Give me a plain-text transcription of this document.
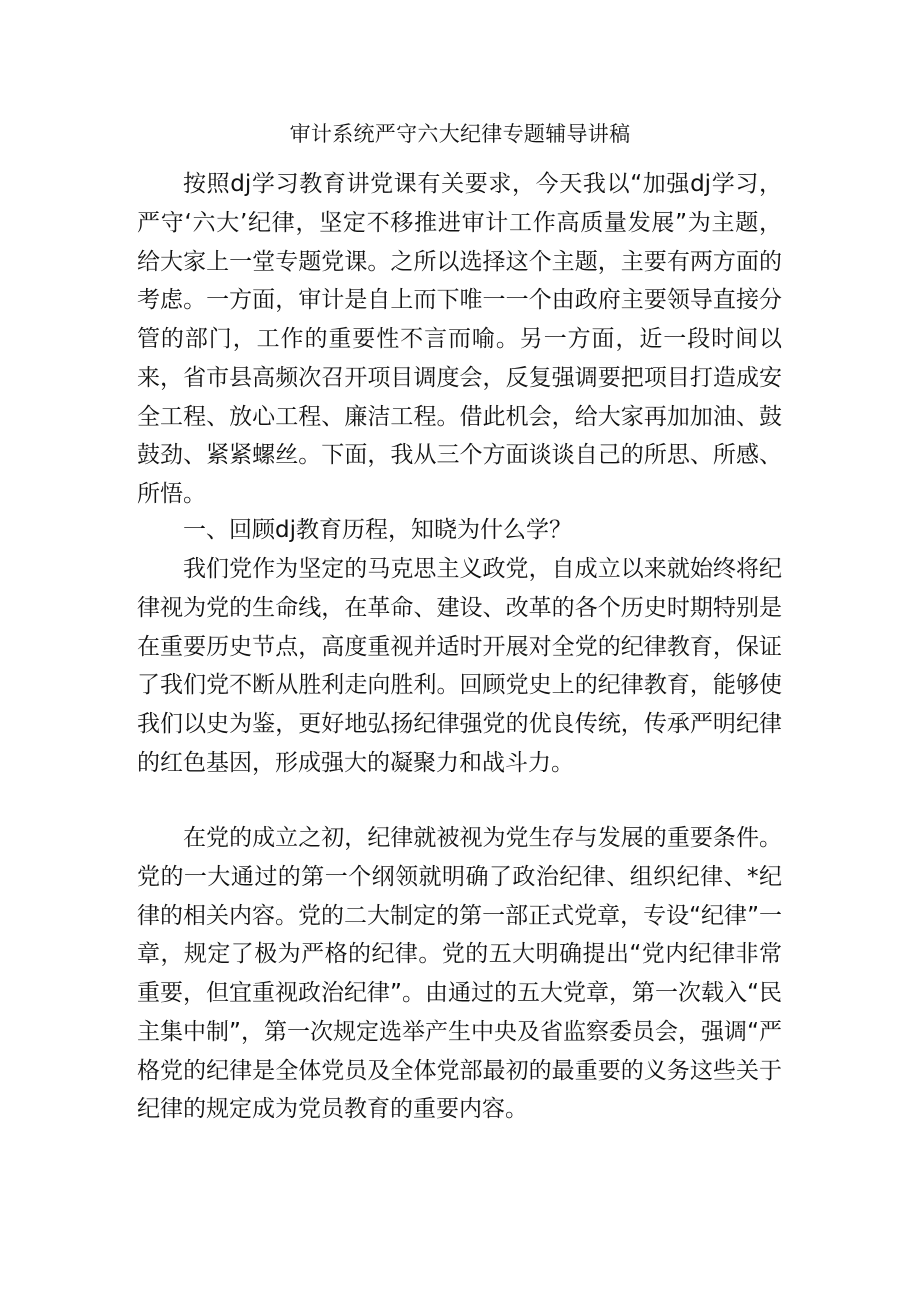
审计系统严守六大纪律专题辅导讲稿

按照dj学习教育讲党课有关要求，今天我以“加强dj学习，严守‘六大’纪律，坚定不移推进审计工作高质量发展”为主题，给大家上一堂专题党课。之所以选择这个主题，主要有两方面的考虑。一方面，审计是自上而下唯一一个由政府主要领导直接分管的部门，工作的重要性不言而喻。另一方面，近一段时间以来，省市县高频次召开项目调度会，反复强调要把项目打造成安全工程、放心工程、廉洁工程。借此机会，给大家再加加油、鼓鼓劲、紧紧螺丝。下面，我从三个方面谈谈自己的所思、所感、所悟。

一、回顾dj教育历程，知晓为什么学？

我们党作为坚定的马克思主义政党，自成立以来就始终将纪律视为党的生命线，在革命、建设、改革的各个历史时期特别是在重要历史节点，高度重视并适时开展对全党的纪律教育，保证了我们党不断从胜利走向胜利。回顾党史上的纪律教育，能够使我们以史为鉴，更好地弘扬纪律强党的优良传统，传承严明纪律的红色基因，形成强大的凝聚力和战斗力。

在党的成立之初，纪律就被视为党生存与发展的重要条件。党的一大通过的第一个纲领就明确了政治纪律、组织纪律、*纪律的相关内容。党的二大制定的第一部正式党章，专设“纪律”一章，规定了极为严格的纪律。党的五大明确提出“党内纪律非常重要，但宜重视政治纪律”。由通过的五大党章，第一次载入“民主集中制”，第一次规定选举产生中央及省监察委员会，强调“严格党的纪律是全体党员及全体党部最初的最重要的义务这些关于纪律的规定成为党员教育的重要内容。
